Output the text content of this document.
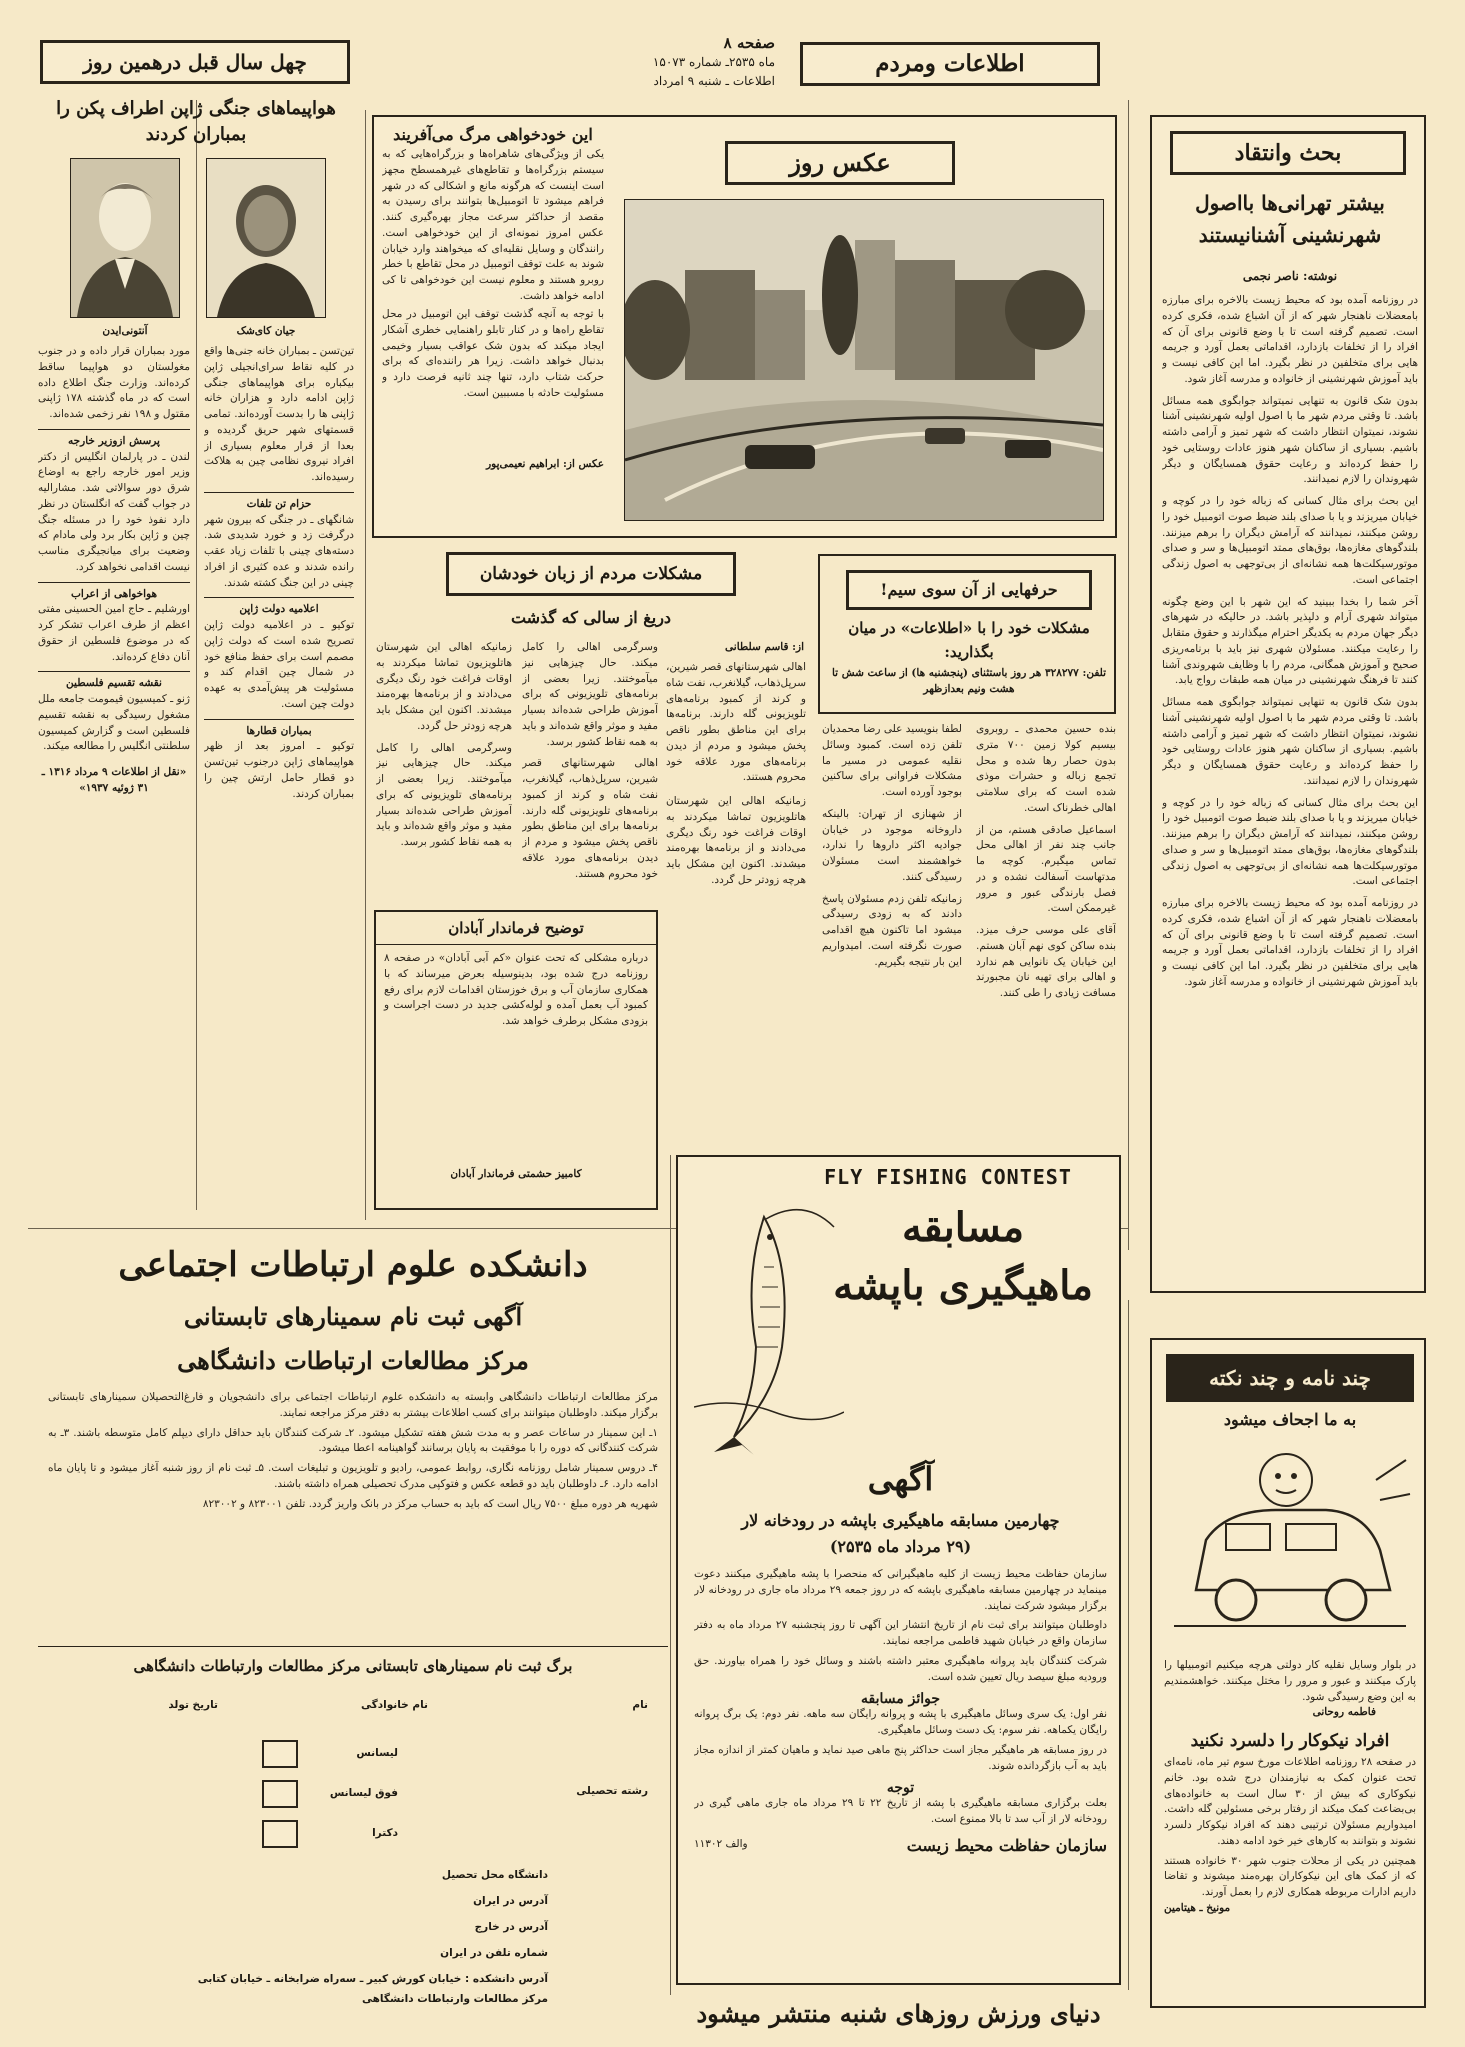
اطلاعات ومردم
صفحه ۸
ماه ۲۵۳۵ـ شماره ۱۵۰۷۳
اطلاعات ـ شنبه ۹ امرداد
چهل سال قبل درهمین روز
هواپیماهای جنگی ژاپن اطراف پکن را بمباران کردند
جیان کای‌شک
آنتونی‌ایدن
تین‌تسن ـ بمباران خانه جنی‌ها واقع در کلیه نقاط سرای‌انجیلی ژاپن بیکباره برای هواپیماهای جنگی ژاپن ادامه دارد و هزاران خانه ژاپنی ها را بدست آورده‌اند. تمامی قسمتهای شهر حریق گردیده و بعدا از قرار معلوم بسیاری از افراد نیروی نظامی چین به هلاکت رسیده‌اند.
حزام تن تلفات
شانگهای ـ در جنگی که بیرون شهر درگرفت زد و خورد شدیدی شد. دسته‌های چینی با تلفات زیاد عقب رانده شدند و عده کثیری از افراد چینی در این جنگ کشته شدند.
اعلامیه دولت ژاپن
توکیو ـ در اعلامیه دولت ژاپن تصریح شده است که دولت ژاپن مصمم است برای حفظ منافع خود در شمال چین اقدام کند و مسئولیت هر پیش‌آمدی به عهده دولت چین است.
بمباران قطارها
توکیو ـ امروز بعد از ظهر هواپیماهای ژاپن درجنوب تین‌تسن دو قطار حامل ارتش چین را بمباران کردند.
مورد بمباران قرار داده و در جنوب مغولستان دو هواپیما ساقط کرده‌اند. وزارت جنگ اطلاع داده است که در ماه گذشته ۱۷۸ ژاپنی مقتول و ۱۹۸ نفر زخمی شده‌اند.
پرسش ازوزیر خارجه
لندن ـ در پارلمان انگلیس از دکتر وزیر امور خارجه راجع به اوضاع شرق دور سوالاتی شد. مشارالیه در جواب گفت که انگلستان در نظر دارد نفوذ خود را در مسئله جنگ چین و ژاپن بکار برد ولی مادام که وضعیت برای میانجیگری مناسب نیست اقدامی نخواهد کرد.
هواخواهی از اعراب
اورشلیم ـ حاج امین الحسینی مفتی اعظم از طرف اعراب تشکر کرد که در موضوع فلسطین از حقوق آنان دفاع کرده‌اند.
نقشه تقسیم فلسطین
ژنو ـ کمیسیون قیمومت جامعه ملل مشغول رسیدگی به نقشه تقسیم فلسطین است و گزارش کمیسیون سلطنتی انگلیس را مطالعه میکند.
«نقل از اطلاعات ۹ مرداد ۱۳۱۶ ـ ۳۱ ژوئیه ۱۹۳۷»
این خودخواهی مرگ می‌آفریند
یکی از ویژگی‌های شاهراه‌ها و بزرگراه‌هایی که به سیستم بزرگراه‌ها و تقاطع‌های غیرهمسطح مجهز است اینست که هرگونه مانع و اشکالی که در شهر فراهم میشود تا اتومبیل‌ها بتوانند برای رسیدن به مقصد از حداکثر سرعت مجاز بهره‌گیری کنند. عکس امروز نمونه‌ای از این خودخواهی است. رانندگان و وسایل نقلیه‌ای که میخواهند وارد خیابان شوند به علت توقف اتومبیل در محل تقاطع با خطر روبرو هستند و معلوم نیست این خودخواهی تا کی ادامه خواهد داشت.
با توجه به آنچه گذشت توقف این اتومبیل در محل تقاطع راه‌ها و در کنار تابلو راهنمایی خطری آشکار ایجاد میکند که بدون شک عواقب بسیار وخیمی بدنبال خواهد داشت. زیرا هر راننده‌ای که برای حرکت شتاب دارد، تنها چند ثانیه فرصت دارد و مسئولیت حادثه با مسببین است.
عکس از: ابراهیم نعیمی‌پور
عکس روز	بحث وانتقاد
بیشتر تهرانی‌ها بااصول شهرنشینی آشنانیستند
نوشته: ناصر نجمی
در روزنامه آمده بود که محیط زیست بالاخره برای مبارزه بامعضلات ناهنجار شهر که از آن اشباع شده، فکری کرده است. تصمیم گرفته است تا با وضع قانونی برای آن که افراد را از تخلفات بازدارد، اقداماتی بعمل آورد و جریمه هایی برای متخلفین در نظر بگیرد. اما این کافی نیست و باید آموزش شهرنشینی از خانواده و مدرسه آغاز شود.
بدون شک قانون به تنهایی نمیتواند جوابگوی همه مسائل باشد. تا وقتی مردم شهر ما با اصول اولیه شهرنشینی آشنا نشوند، نمیتوان انتظار داشت که شهر تمیز و آرامی داشته باشیم. بسیاری از ساکنان شهر هنوز عادات روستایی خود را حفظ کرده‌اند و رعایت حقوق همسایگان و دیگر شهروندان را لازم نمیدانند.
این بحث برای مثال کسانی که زباله خود را در کوچه و خیابان میریزند و یا با صدای بلند ضبط صوت اتومبیل خود را روشن میکنند، نمیدانند که آرامش دیگران را برهم میزنند. بلندگوهای مغازه‌ها، بوق‌های ممتد اتومبیل‌ها و سر و صدای موتورسیکلت‌ها همه نشانه‌ای از بی‌توجهی به اصول زندگی اجتماعی است.
آخر شما را بخدا ببینید که این شهر با این وضع چگونه میتواند شهری آرام و دلپذیر باشد. در حالیکه در شهرهای دیگر جهان مردم به یکدیگر احترام میگذارند و حقوق متقابل را رعایت میکنند. مسئولان شهری نیز باید با برنامه‌ریزی صحیح و آموزش همگانی، مردم را با وظایف شهروندی آشنا کنند تا فرهنگ شهرنشینی در میان همه طبقات رواج یابد.
بدون شک قانون به تنهایی نمیتواند جوابگوی همه مسائل باشد. تا وقتی مردم شهر ما با اصول اولیه شهرنشینی آشنا نشوند، نمیتوان انتظار داشت که شهر تمیز و آرامی داشته باشیم. بسیاری از ساکنان شهر هنوز عادات روستایی خود را حفظ کرده‌اند و رعایت حقوق همسایگان و دیگر شهروندان را لازم نمیدانند.
این بحث برای مثال کسانی که زباله خود را در کوچه و خیابان میریزند و یا با صدای بلند ضبط صوت اتومبیل خود را روشن میکنند، نمیدانند که آرامش دیگران را برهم میزنند. بلندگوهای مغازه‌ها، بوق‌های ممتد اتومبیل‌ها و سر و صدای موتورسیکلت‌ها همه نشانه‌ای از بی‌توجهی به اصول زندگی اجتماعی است.
در روزنامه آمده بود که محیط زیست بالاخره برای مبارزه بامعضلات ناهنجار شهر که از آن اشباع شده، فکری کرده است. تصمیم گرفته است تا با وضع قانونی برای آن که افراد را از تخلفات بازدارد، اقداماتی بعمل آورد و جریمه هایی برای متخلفین در نظر بگیرد. اما این کافی نیست و باید آموزش شهرنشینی از خانواده و مدرسه آغاز شود.
مشکلات مردم از زبان خودشان
دریغ از سالی که گذشت
از: قاسم سلطانی
اهالی شهرستانهای قصر شیرین، سرپل‌ذهاب، گیلانغرب، نفت شاه و کرند از کمبود برنامه‌های تلویزیونی گله دارند. برنامه‌ها برای این مناطق بطور ناقص پخش میشود و مردم از دیدن برنامه‌های مورد علاقه خود محروم هستند.
زمانیکه اهالی این شهرستان هاتلویزیون تماشا میکردند به اوقات فراغت خود رنگ دیگری می‌دادند و از برنامه‌ها بهره‌مند میشدند. اکنون این مشکل باید هرچه زودتر حل گردد.
وسرگرمی اهالی را کامل میکند. حال چیزهایی نیز میآموختند. زیرا بعضی از برنامه‌های تلویزیونی که برای آموزش طراحی شده‌اند بسیار مفید و موثر واقع شده‌اند و باید به همه نقاط کشور برسد.
اهالی شهرستانهای قصر شیرین، سرپل‌ذهاب، گیلانغرب، نفت شاه و کرند از کمبود برنامه‌های تلویزیونی گله دارند. برنامه‌ها برای این مناطق بطور ناقص پخش میشود و مردم از دیدن برنامه‌های مورد علاقه خود محروم هستند.
زمانیکه اهالی این شهرستان هاتلویزیون تماشا میکردند به اوقات فراغت خود رنگ دیگری می‌دادند و از برنامه‌ها بهره‌مند میشدند. اکنون این مشکل باید هرچه زودتر حل گردد.
وسرگرمی اهالی را کامل میکند. حال چیزهایی نیز میآموختند. زیرا بعضی از برنامه‌های تلویزیونی که برای آموزش طراحی شده‌اند بسیار مفید و موثر واقع شده‌اند و باید به همه نقاط کشور برسد.
توضیح فرماندار آبادان
درباره مشکلی که تحت عنوان «کم آبی آبادان» در صفحه ۸ روزنامه درج شده بود، بدینوسیله بعرض میرساند که با همکاری سازمان آب و برق خوزستان اقدامات لازم برای رفع کمبود آب بعمل آمده و لوله‌کشی جدید در دست اجراست و بزودی مشکل برطرف خواهد شد.
کامبیز حشمتی فرماندار آبادان
حرفهایی از آن سوی سیم!
مشکلات خود را با «اطلاعات» در میان بگذارید:
تلفن: ۳۲۸۲۷۷ هر روز باستثنای (پنجشنبه ها) از ساعت شش تا هشت ونیم بعدازظهر
بنده حسین محمدی ـ روبروی بیسیم کولا زمین ۷۰۰ متری بدون حصار رها شده و محل تجمع زباله و حشرات موذی شده است که برای سلامتی اهالی خطرناک است.
اسماعیل صادقی هستم، من از جانب چند نفر از اهالی محل تماس میگیرم. کوچه ما مدتهاست آسفالت نشده و در فصل بارندگی عبور و مرور غیرممکن است.
آقای علی موسی حرف میزد. بنده ساکن کوی نهم آبان هستم. این خیابان یک نانوایی هم ندارد و اهالی برای تهیه نان مجبورند مسافت زیادی را طی کنند.
لطفا بنویسید علی رضا محمدیان تلفن زده است. کمبود وسائل نقلیه عمومی در مسیر ما مشکلات فراوانی برای ساکنین بوجود آورده است.
از شهنازی از تهران: بالینکه داروخانه موجود در خیابان جوادیه اکثر داروها را ندارد، خواهشمند است مسئولان رسیدگی کنند.
زمانیکه تلفن زدم مسئولان پاسخ دادند که به زودی رسیدگی میشود اما تاکنون هیچ اقدامی صورت نگرفته است. امیدواریم این بار نتیجه بگیریم.
دانشکده علوم ارتباطات اجتماعی
آگهی ثبت نام سمینارهای تابستانی
مرکز مطالعات ارتباطات دانشگاهی
مرکز مطالعات ارتباطات دانشگاهی وابسته به دانشکده علوم ارتباطات اجتماعی برای دانشجویان و فارغ‌التحصیلان سمینارهای تابستانی برگزار میکند. داوطلبان میتوانند برای کسب اطلاعات بیشتر به دفتر مرکز مراجعه نمایند.
۱ـ این سمینار در ساعات عصر و به مدت شش هفته تشکیل میشود. ۲ـ شرکت کنندگان باید حداقل دارای دیپلم کامل متوسطه باشند. ۳ـ به شرکت کنندگانی که دوره را با موفقیت به پایان برسانند گواهینامه اعطا میشود.
۴ـ دروس سمینار شامل روزنامه نگاری، روابط عمومی، رادیو و تلویزیون و تبلیغات است. ۵ـ ثبت نام از روز شنبه آغاز میشود و تا پایان ماه ادامه دارد. ۶ـ داوطلبان باید دو قطعه عکس و فتوکپی مدرک تحصیلی همراه داشته باشند.
شهریه هر دوره مبلغ ۷۵۰۰ ریال است که باید به حساب مرکز در بانک واریز گردد. تلفن ۸۲۳۰۰۱ و ۸۲۳۰۰۲
برگ ثبت نام سمینارهای تابستانی مرکز مطالعات وارتباطات دانشگاهی
نام
نام خانوادگی
تاریخ تولد
رشته تحصیلی
لیسانس
فوق لیسانس
دکترا
دانشگاه محل تحصیل
آدرس در ایران
آدرس در خارج
شماره تلفن در ایران
آدرس دانشکده : خیابان کورش کبیر ـ سه‌راه ضرابخانه ـ خیابان کتابی
مرکز مطالعات وارتباطات دانشگاهی
FLY FISHING CONTEST
مسابقه ماهیگیری باپشه
آگهی
چهارمین مسابقه ماهیگیری باپشه در رودخانه لار
(۲۹ مرداد ماه ۲۵۳۵)
سازمان حفاظت محیط زیست از کلیه ماهیگیرانی که منحصرا با پشه ماهیگیری میکنند دعوت مینماید در چهارمین مسابقه ماهیگیری باپشه که در روز جمعه ۲۹ مرداد ماه جاری در رودخانه لار برگزار میشود شرکت نمایند.
داوطلبان میتوانند برای ثبت نام از تاریخ انتشار این آگهی تا روز پنجشنبه ۲۷ مرداد ماه به دفتر سازمان واقع در خیابان شهید فاطمی مراجعه نمایند.
شرکت کنندگان باید پروانه ماهیگیری معتبر داشته باشند و وسائل خود را همراه بیاورند. حق ورودیه مبلغ سیصد ریال تعیین شده است.
جوائز مسابقه
نفر اول: یک سری وسائل ماهیگیری با پشه و پروانه رایگان سه ماهه. نفر دوم: یک برگ پروانه رایگان یکماهه. نفر سوم: یک دست وسائل ماهیگیری.
در روز مسابقه هر ماهیگیر مجاز است حداکثر پنج ماهی صید نماید و ماهیان کمتر از اندازه مجاز باید به آب بازگردانده شوند.
توجه
بعلت برگزاری مسابقه ماهیگیری با پشه از تاریخ ۲۲ تا ۲۹ مرداد ماه جاری ماهی گیری در رودخانه لار از آب سد تا بالا ممنوع است.
سازمان حفاظت محیط زیست
والف ۱۱۳۰۲
چند نامه و چند نکته
به ما اجحاف میشود
در بلوار وسایل نقلیه کار دولتی هرچه میکنیم اتومبیلها را پارک میکنند و عبور و مرور را مختل میکنند. خواهشمندیم به این وضع رسیدگی شود.
فاطمه روحانی
افراد نیکوکار را دلسرد نکنید
در صفحه ۲۸ روزنامه اطلاعات مورخ سوم تیر ماه، نامه‌ای تحت عنوان کمک به نیازمندان درج شده بود. خانم نیکوکاری که بیش از ۳۰ سال است به خانواده‌های بی‌بضاعت کمک میکند از رفتار برخی مسئولین گله داشت. امیدواریم مسئولان ترتیبی دهند که افراد نیکوکار دلسرد نشوند و بتوانند به کارهای خیر خود ادامه دهند.
همچنین در یکی از محلات جنوب شهر ۳۰ خانواده هستند که از کمک های این نیکوکاران بهره‌مند میشوند و تقاضا داریم ادارات مربوطه همکاری لازم را بعمل آورند.
مونیخ ـ هیتامین
دنیای ورزش روزهای شنبه منتشر میشود
